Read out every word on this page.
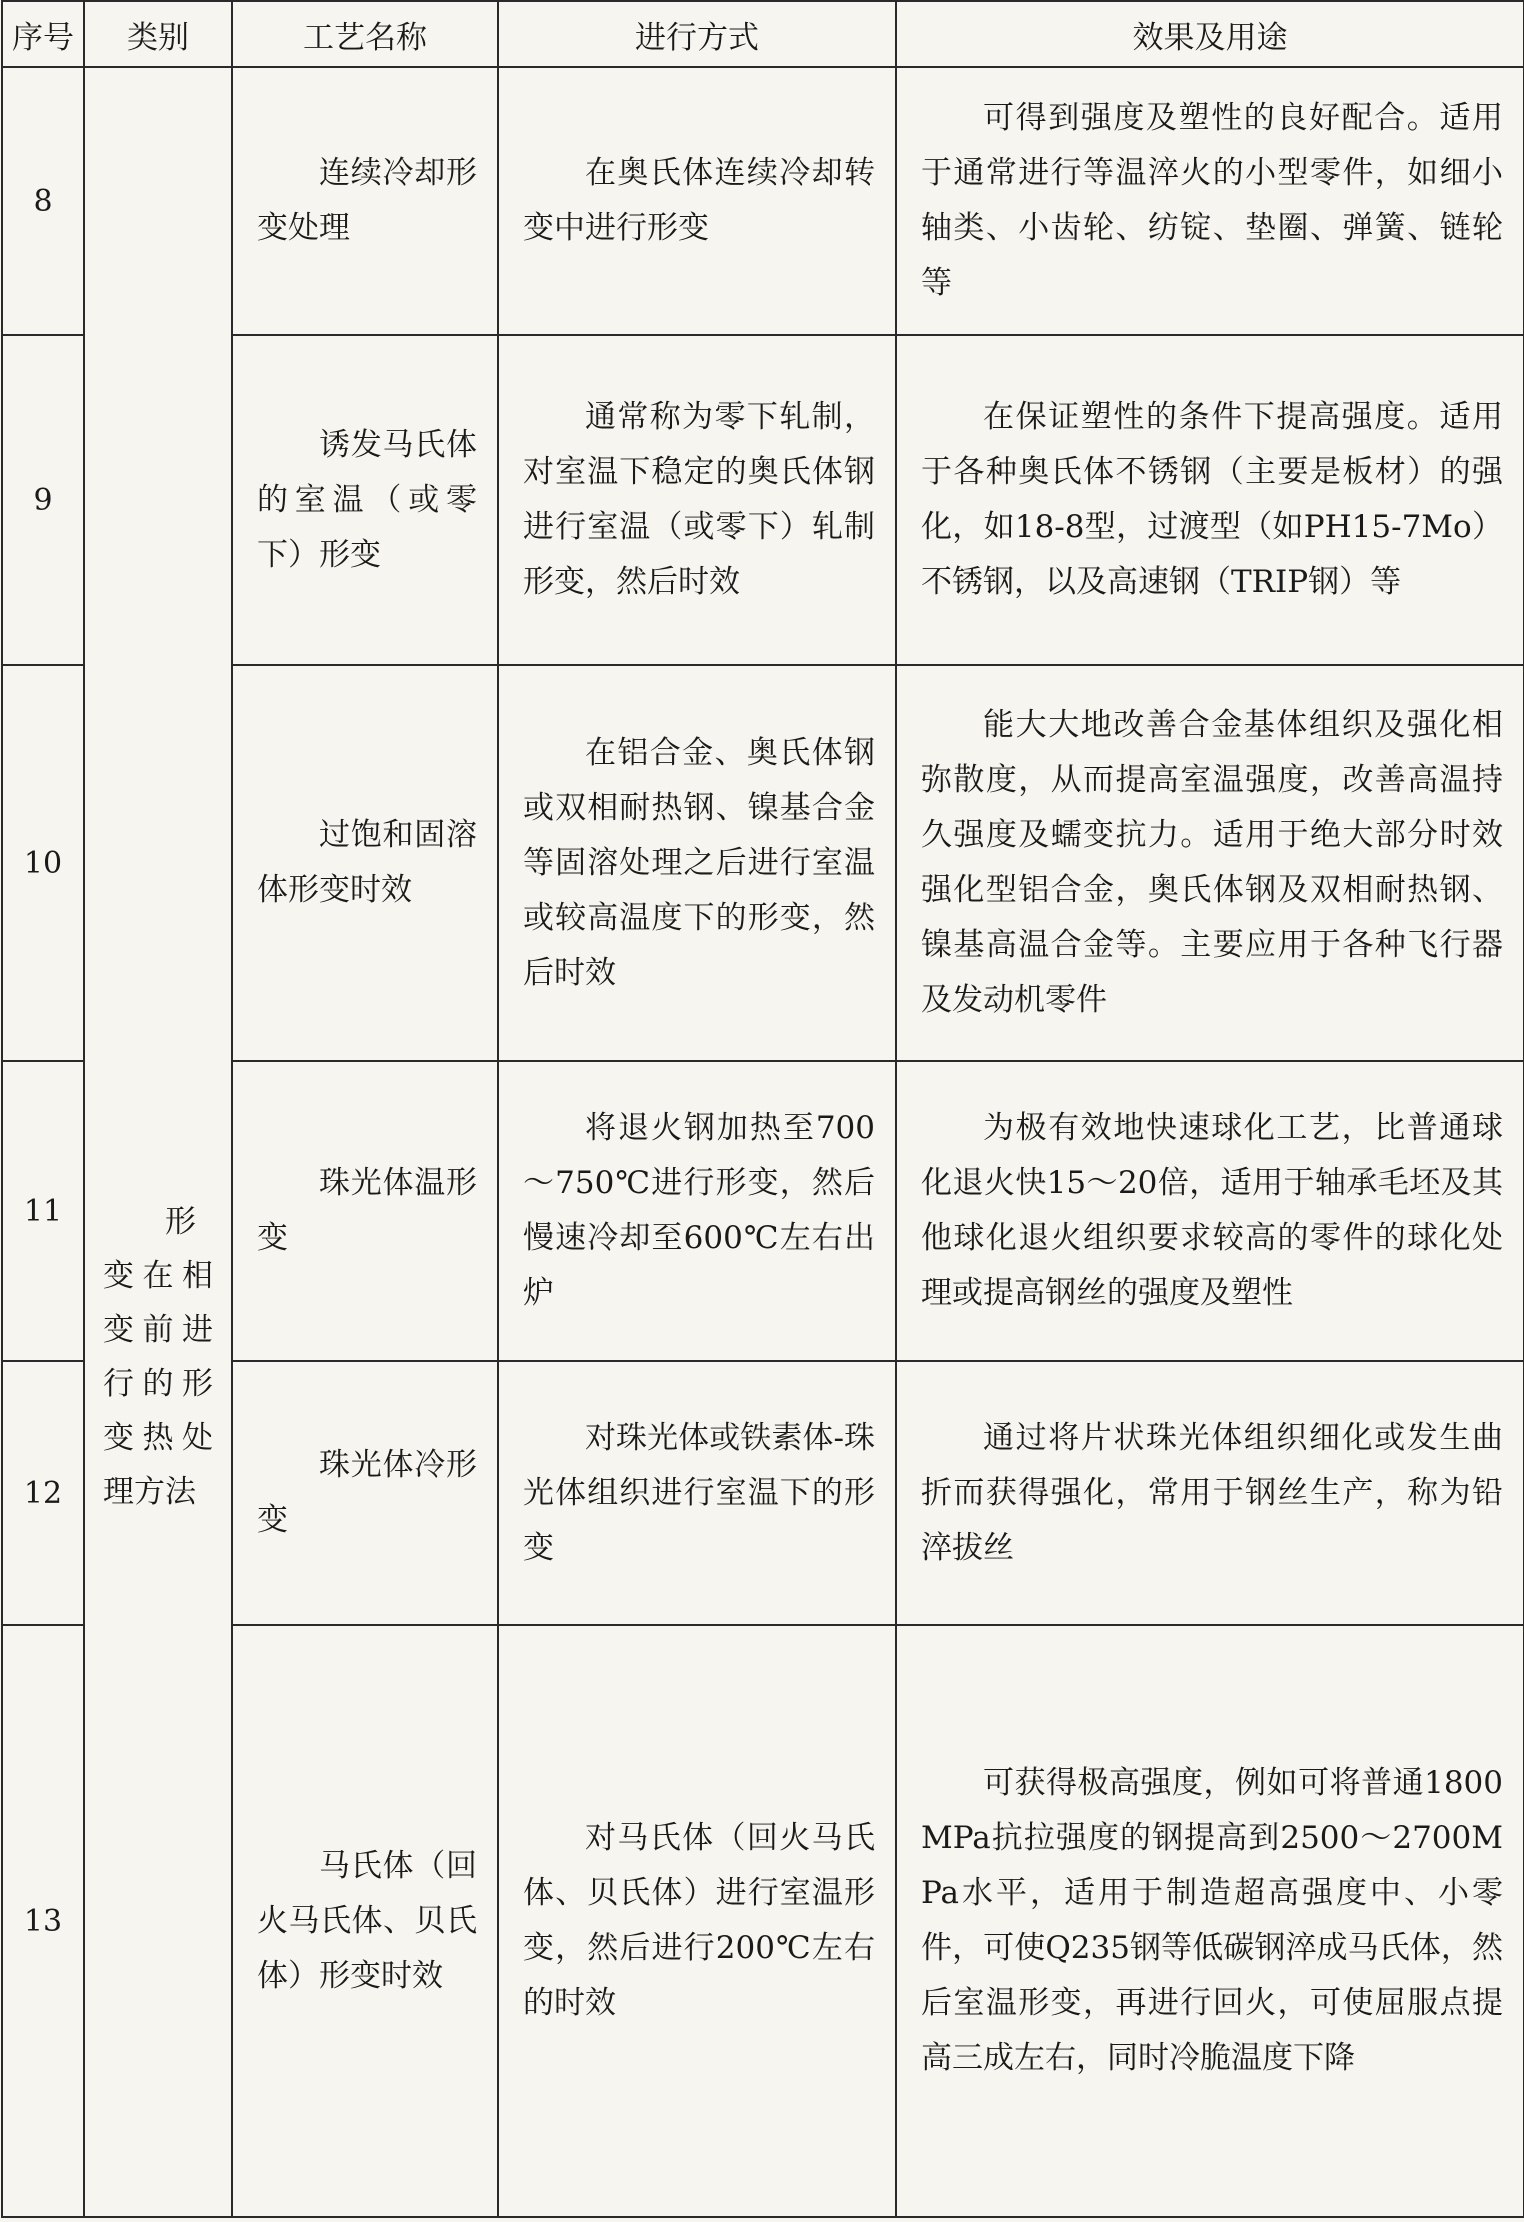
序号	类别	工艺名称	进行方式	效果及用途
8	形变在相变前进行的形变热处理方法	连续冷却形变处理	在奥氏体连续冷却转变中进行形变	可得到强度及塑性的良好配合。适用于通常进行等温淬火的小型零件，如细小轴类、小齿轮、纺锭、垫圈、弹簧、链轮等

9		诱发马氏体的室温（或零下）形变	通常称为零下轧制，对室温下稳定的奥氏体钢进行室温（或零下）轧制形变，然后时效	在保证塑性的条件下提高强度。适用于各种奥氏体不锈钢（主要是板材）的强化，如18-8型，过渡型（如PH15-7Mo）不锈钢，以及高速钢（TRIP钢）等

10		过饱和固溶体形变时效	在铝合金、奥氏体钢或双相耐热钢、镍基合金等固溶处理之后进行室温或较高温度下的形变，然后时效	能大大地改善合金基体组织及强化相弥散度，从而提高室温强度，改善高温持久强度及蠕变抗力。适用于绝大部分时效强化型铝合金，奥氏体钢及双相耐热钢、镍基高温合金等。主要应用于各种飞行器及发动机零件

11		珠光体温形变	将退火钢加热至700～750℃进行形变，然后慢速冷却至600℃左右出炉	为极有效地快速球化工艺，比普通球化退火快15～20倍，适用于轴承毛坯及其他球化退火组织要求较高的零件的球化处理或提高钢丝的强度及塑性

12		珠光体冷形变	对珠光体或铁素体-珠光体组织进行室温下的形变	通过将片状珠光体组织细化或发生曲折而获得强化，常用于钢丝生产，称为铅淬拔丝

13		马氏体（回火马氏体、贝氏体）形变时效	对马氏体（回火马氏体、贝氏体）进行室温形变，然后进行200℃左右的时效	可获得极高强度，例如可将普通1800MPa抗拉强度的钢提高到2500～2700MPa水平，适用于制造超高强度中、小零件，可使Q235钢等低碳钢淬成马氏体，然后室温形变，再进行回火，可使屈服点提高三成左右，同时冷脆温度下降
